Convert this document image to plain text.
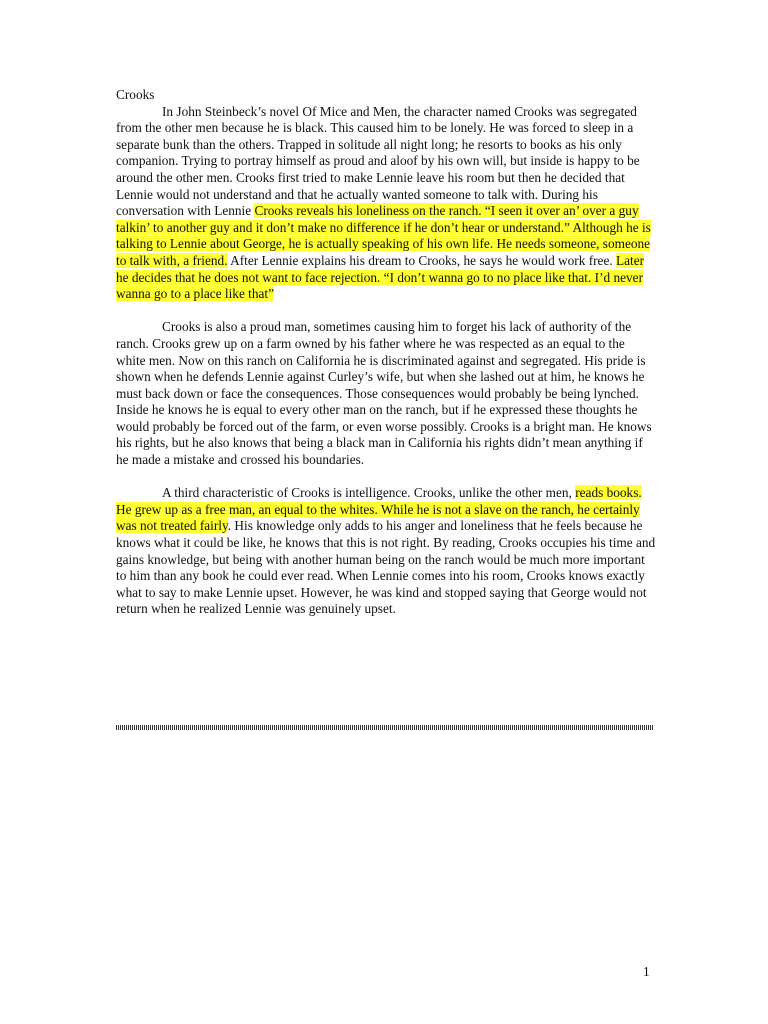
Crooks

In John Steinbeck’s novel Of Mice and Men, the character named Crooks was segregated from the other men because he is black. This caused him to be lonely. He was forced to sleep in a separate bunk than the others. Trapped in solitude all night long; he resorts to books as his only companion. Trying to portray himself as proud and aloof by his own will, but inside is happy to be around the other men. Crooks first tried to make Lennie leave his room but then he decided that Lennie would not understand and that he actually wanted someone to talk with. During his conversation with Lennie Crooks reveals his loneliness on the ranch. “I seen it over an’ over a guy talkin’ to another guy and it don’t make no difference if he don’t hear or understand.” Although he is talking to Lennie about George, he is actually speaking of his own life. He needs someone, someone to talk with, a friend. After Lennie explains his dream to Crooks, he says he would work free. Later he decides that he does not want to face rejection. “I don’t wanna go to no place like that. I’d never wanna go to a place like that”

Crooks is also a proud man, sometimes causing him to forget his lack of authority of the ranch. Crooks grew up on a farm owned by his father where he was respected as an equal to the white men. Now on this ranch on California he is discriminated against and segregated. His pride is shown when he defends Lennie against Curley’s wife, but when she lashed out at him, he knows he must back down or face the consequences. Those consequences would probably be being lynched. Inside he knows he is equal to every other man on the ranch, but if he expressed these thoughts he would probably be forced out of the farm, or even worse possibly. Crooks is a bright man. He knows his rights, but he also knows that being a black man in California his rights didn’t mean anything if he made a mistake and crossed his boundaries.

A third characteristic of Crooks is intelligence. Crooks, unlike the other men, reads books. He grew up as a free man, an equal to the whites. While he is not a slave on the ranch, he certainly was not treated fairly. His knowledge only adds to his anger and loneliness that he feels because he knows what it could be like, he knows that this is not right. By reading, Crooks occupies his time and gains knowledge, but being with another human being on the ranch would be much more important to him than any book he could ever read. When Lennie comes into his room, Crooks knows exactly what to say to make Lennie upset. However, he was kind and stopped saying that George would not return when he realized Lennie was genuinely upset.

1
